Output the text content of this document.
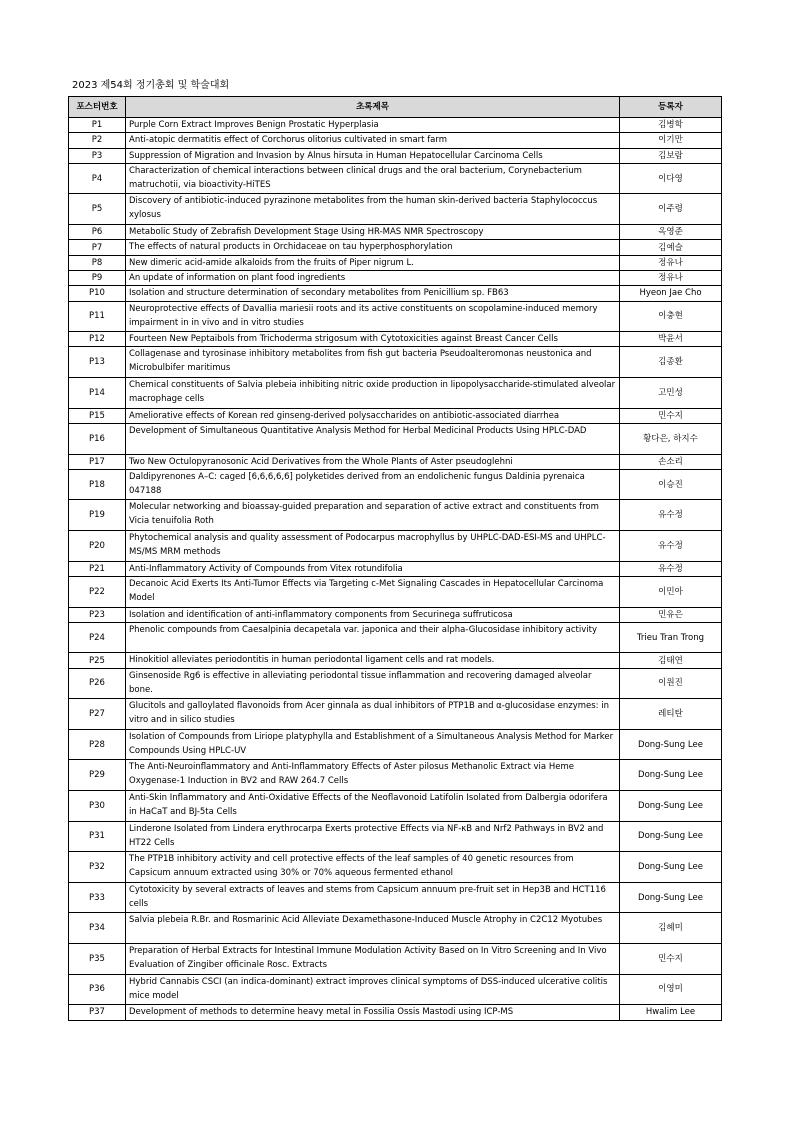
2023 제54회 정기총회 및 학술대회
포스터번호	초록제목	등록자
P1	Purple Corn Extract Improves Benign Prostatic Hyperplasia	김병학
P2	Anti-atopic dermatitis effect of Corchorus olitorius cultivated in smart farm	이기만
P3	Suppression of Migration and Invasion by Alnus hirsuta in Human Hepatocellular Carcinoma Cells	김보람
P4	Characterization of chemical interactions between clinical drugs and the oral bacterium, Corynebacterium matruchotii, via bioactivity-HiTES	이다영
P5	Discovery of antibiotic-induced pyrazinone metabolites from the human skin-derived bacteria Staphylococcus xylosus	이주령
P6	Metabolic Study of Zebrafish Development Stage Using HR-MAS NMR Spectroscopy	옥영준
P7	The effects of natural products in Orchidaceae on tau hyperphosphorylation	김예슬
P8	New dimeric acid-amide alkaloids from the fruits of Piper nigrum L.	정유나
P9	An update of information on plant food ingredients	정유나
P10	Isolation and structure determination of secondary metabolites from Penicillium sp. FB63	Hyeon Jae Cho
P11	Neuroprotective effects of Davallia mariesii roots and its active constituents on scopolamine-induced memory impairment in in vivo and in vitro studies	이충현
P12	Fourteen New Peptaibols from Trichoderma strigosum with Cytotoxicities against Breast Cancer Cells	박윤서
P13	Collagenase and tyrosinase inhibitory metabolites from fish gut bacteria Pseudoalteromonas neustonica and Microbulbifer maritimus	김종환
P14	Chemical constituents of Salvia plebeia inhibiting nitric oxide production in lipopolysaccharide-stimulated alveolar macrophage cells	고민성
P15	Ameliorative effects of Korean red ginseng-derived polysaccharides on antibiotic-associated diarrhea	민수지
P16	Development of Simultaneous Quantitative Analysis Method for Herbal Medicinal Products Using HPLC-DAD	황다은, 하지수
P17	Two New Octulopyranosonic Acid Derivatives from the Whole Plants of Aster pseudoglehni	손소리
P18	Daldipyrenones A–C: caged [6,6,6,6,6] polyketides derived from an endolichenic fungus Daldinia pyrenaica 047188	이승진
P19	Molecular networking and bioassay-guided preparation and separation of active extract and constituents from Vicia tenuifolia Roth	유수정
P20	Phytochemical analysis and quality assessment of Podocarpus macrophyllus by UHPLC-DAD-ESI-MS and UHPLC-MS/MS MRM methods	유수정
P21	Anti-Inflammatory Activity of Compounds from Vitex rotundifolia	유수정
P22	Decanoic Acid Exerts Its Anti-Tumor Effects via Targeting c-Met Signaling Cascades in Hepatocellular Carcinoma Model	이민아
P23	Isolation and identification of anti-inflammatory components from Securinega suffruticosa	민유은
P24	Phenolic compounds from Caesalpinia decapetala var. japonica and their alpha-Glucosidase inhibitory activity	Trieu Tran Trong
P25	Hinokitiol alleviates periodontitis in human periodontal ligament cells and rat models.	김태연
P26	Ginsenoside Rg6 is effective in alleviating periodontal tissue inflammation and recovering damaged alveolar bone.	이원진
P27	Glucitols and galloylated flavonoids from Acer ginnala as dual inhibitors of PTP1B and α-glucosidase enzymes: in vitro and in silico studies	레티탄
P28	Isolation of Compounds from Liriope platyphylla and Establishment of a Simultaneous Analysis Method for Marker Compounds Using HPLC-UV	Dong-Sung Lee
P29	The Anti-Neuroinflammatory and Anti-Inflammatory Effects of Aster pilosus Methanolic Extract via Heme Oxygenase-1 Induction in BV2 and RAW 264.7 Cells	Dong-Sung Lee
P30	Anti-Skin Inflammatory and Anti-Oxidative Effects of the Neoflavonoid Latifolin Isolated from Dalbergia odorifera in HaCaT and BJ-5ta Cells	Dong-Sung Lee
P31	Linderone Isolated from Lindera erythrocarpa Exerts protective Effects via NF-κB and Nrf2 Pathways in BV2 and HT22 Cells	Dong-Sung Lee
P32	The PTP1B inhibitory activity and cell protective effects of the leaf samples of 40 genetic resources from Capsicum annuum extracted using 30% or 70% aqueous fermented ethanol	Dong-Sung Lee
P33	Cytotoxicity by several extracts of leaves and stems from Capsicum annuum pre-fruit set in Hep3B and HCT116 cells	Dong-Sung Lee
P34	Salvia plebeia R.Br. and Rosmarinic Acid Alleviate Dexamethasone-Induced Muscle Atrophy in C2C12 Myotubes	김혜미
P35	Preparation of Herbal Extracts for Intestinal Immune Modulation Activity Based on In Vitro Screening and In Vivo Evaluation of Zingiber officinale Rosc. Extracts	민수지
P36	Hybrid Cannabis CSCI (an indica-dominant) extract improves clinical symptoms of DSS-induced ulcerative colitis mice model	이영미
P37	Development of methods to determine heavy metal in Fossilia Ossis Mastodi using ICP-MS	Hwalim Lee
